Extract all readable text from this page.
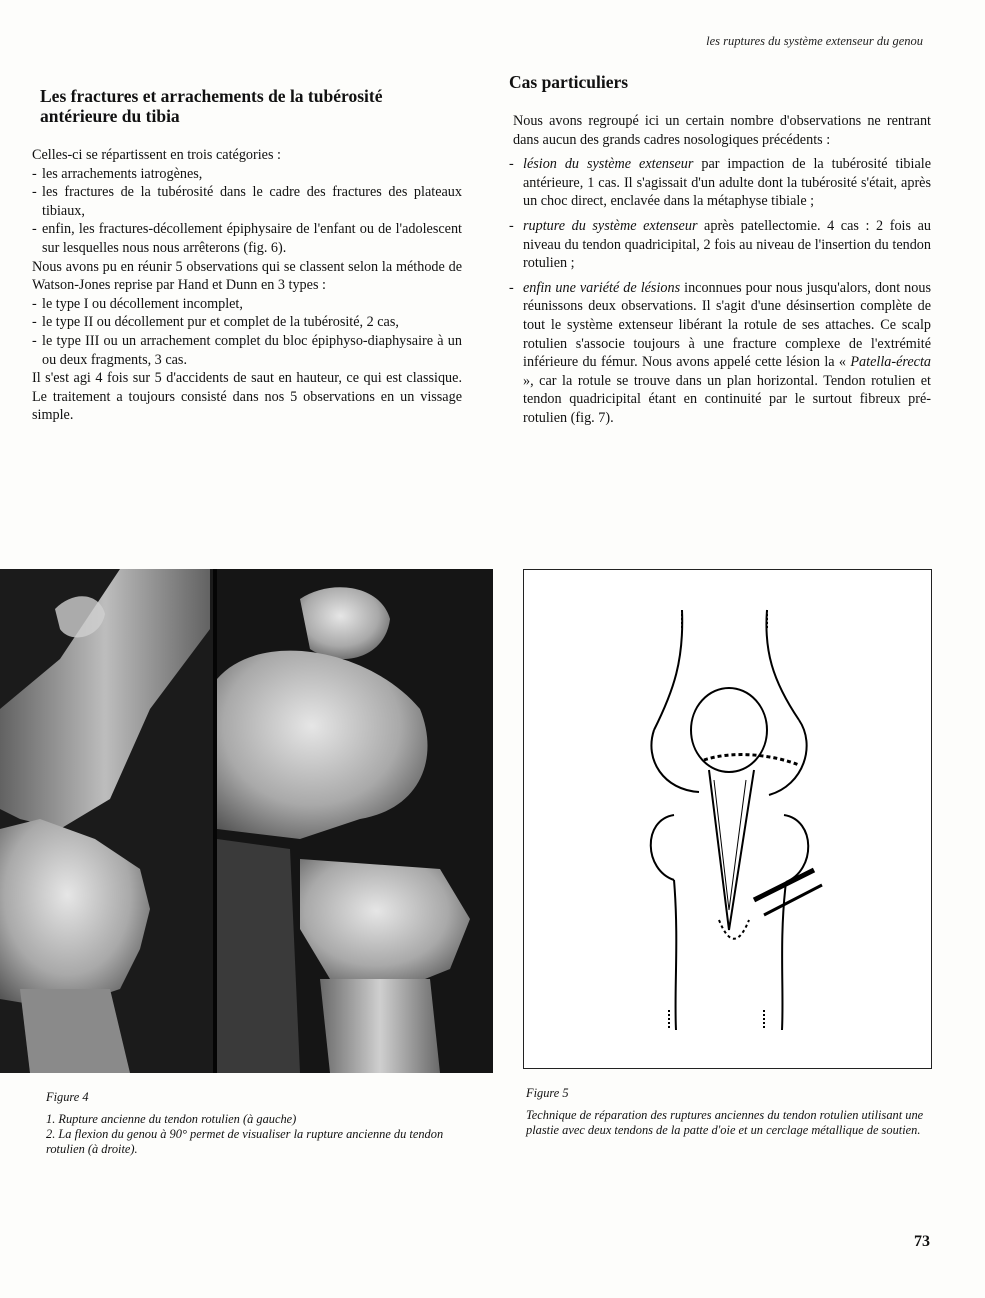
les ruptures du système extenseur du genou
Les fractures et arrachements de la tubérosité antérieure du tibia

Celles-ci se répartissent en trois catégories :

- les arrachements iatrogènes,
- les fractures de la tubérosité dans le cadre des fractures des plateaux tibiaux,
- enfin, les fractures-décollement épiphysaire de l'enfant ou de l'adolescent sur lesquelles nous nous arrêterons (fig. 6).

Nous avons pu en réunir 5 observations qui se classent selon la méthode de Watson-Jones reprise par Hand et Dunn en 3 types :

- le type I ou décollement incomplet,
- le type II ou décollement pur et complet de la tubérosité, 2 cas,
- le type III ou un arrachement complet du bloc épiphyso-diaphysaire à un ou deux fragments, 3 cas.

Il s'est agi 4 fois sur 5 d'accidents de saut en hauteur, ce qui est classique. Le traitement a toujours consisté dans nos 5 observations en un vissage simple.

Cas particuliers

Nous avons regroupé ici un certain nombre d'observations ne rentrant dans aucun des grands cadres nosologiques précédents :

- lésion du système extenseur par impaction de la tubérosité tibiale antérieure, 1 cas. Il s'agissait d'un adulte dont la tubérosité s'était, après un choc direct, enclavée dans la métaphyse tibiale ;
- rupture du système extenseur après patellectomie. 4 cas : 2 fois au niveau du tendon quadricipital, 2 fois au niveau de l'insertion du tendon rotulien ;
- enfin une variété de lésions inconnues pour nous jusqu'alors, dont nous réunissons deux observations. Il s'agit d'une désinsertion complète de tout le système extenseur libérant la rotule de ses attaches. Ce scalp rotulien s'associe toujours à une fracture complexe de l'extrémité inférieure du fémur. Nous avons appelé cette lésion la « Patella-érecta », car la rotule se trouve dans un plan horizontal. Tendon rotulien et tendon quadricipital étant en continuité par le surtout fibreux pré-rotulien (fig. 7).
Figure 4
1. Rupture ancienne du tendon rotulien (à gauche)
2. La flexion du genou à 90° permet de visualiser la rupture ancienne du tendon rotulien (à droite).
Figure 5
Technique de réparation des ruptures anciennes du tendon rotulien utilisant une plastie avec deux tendons de la patte d'oie et un cerclage métallique de soutien.
73
